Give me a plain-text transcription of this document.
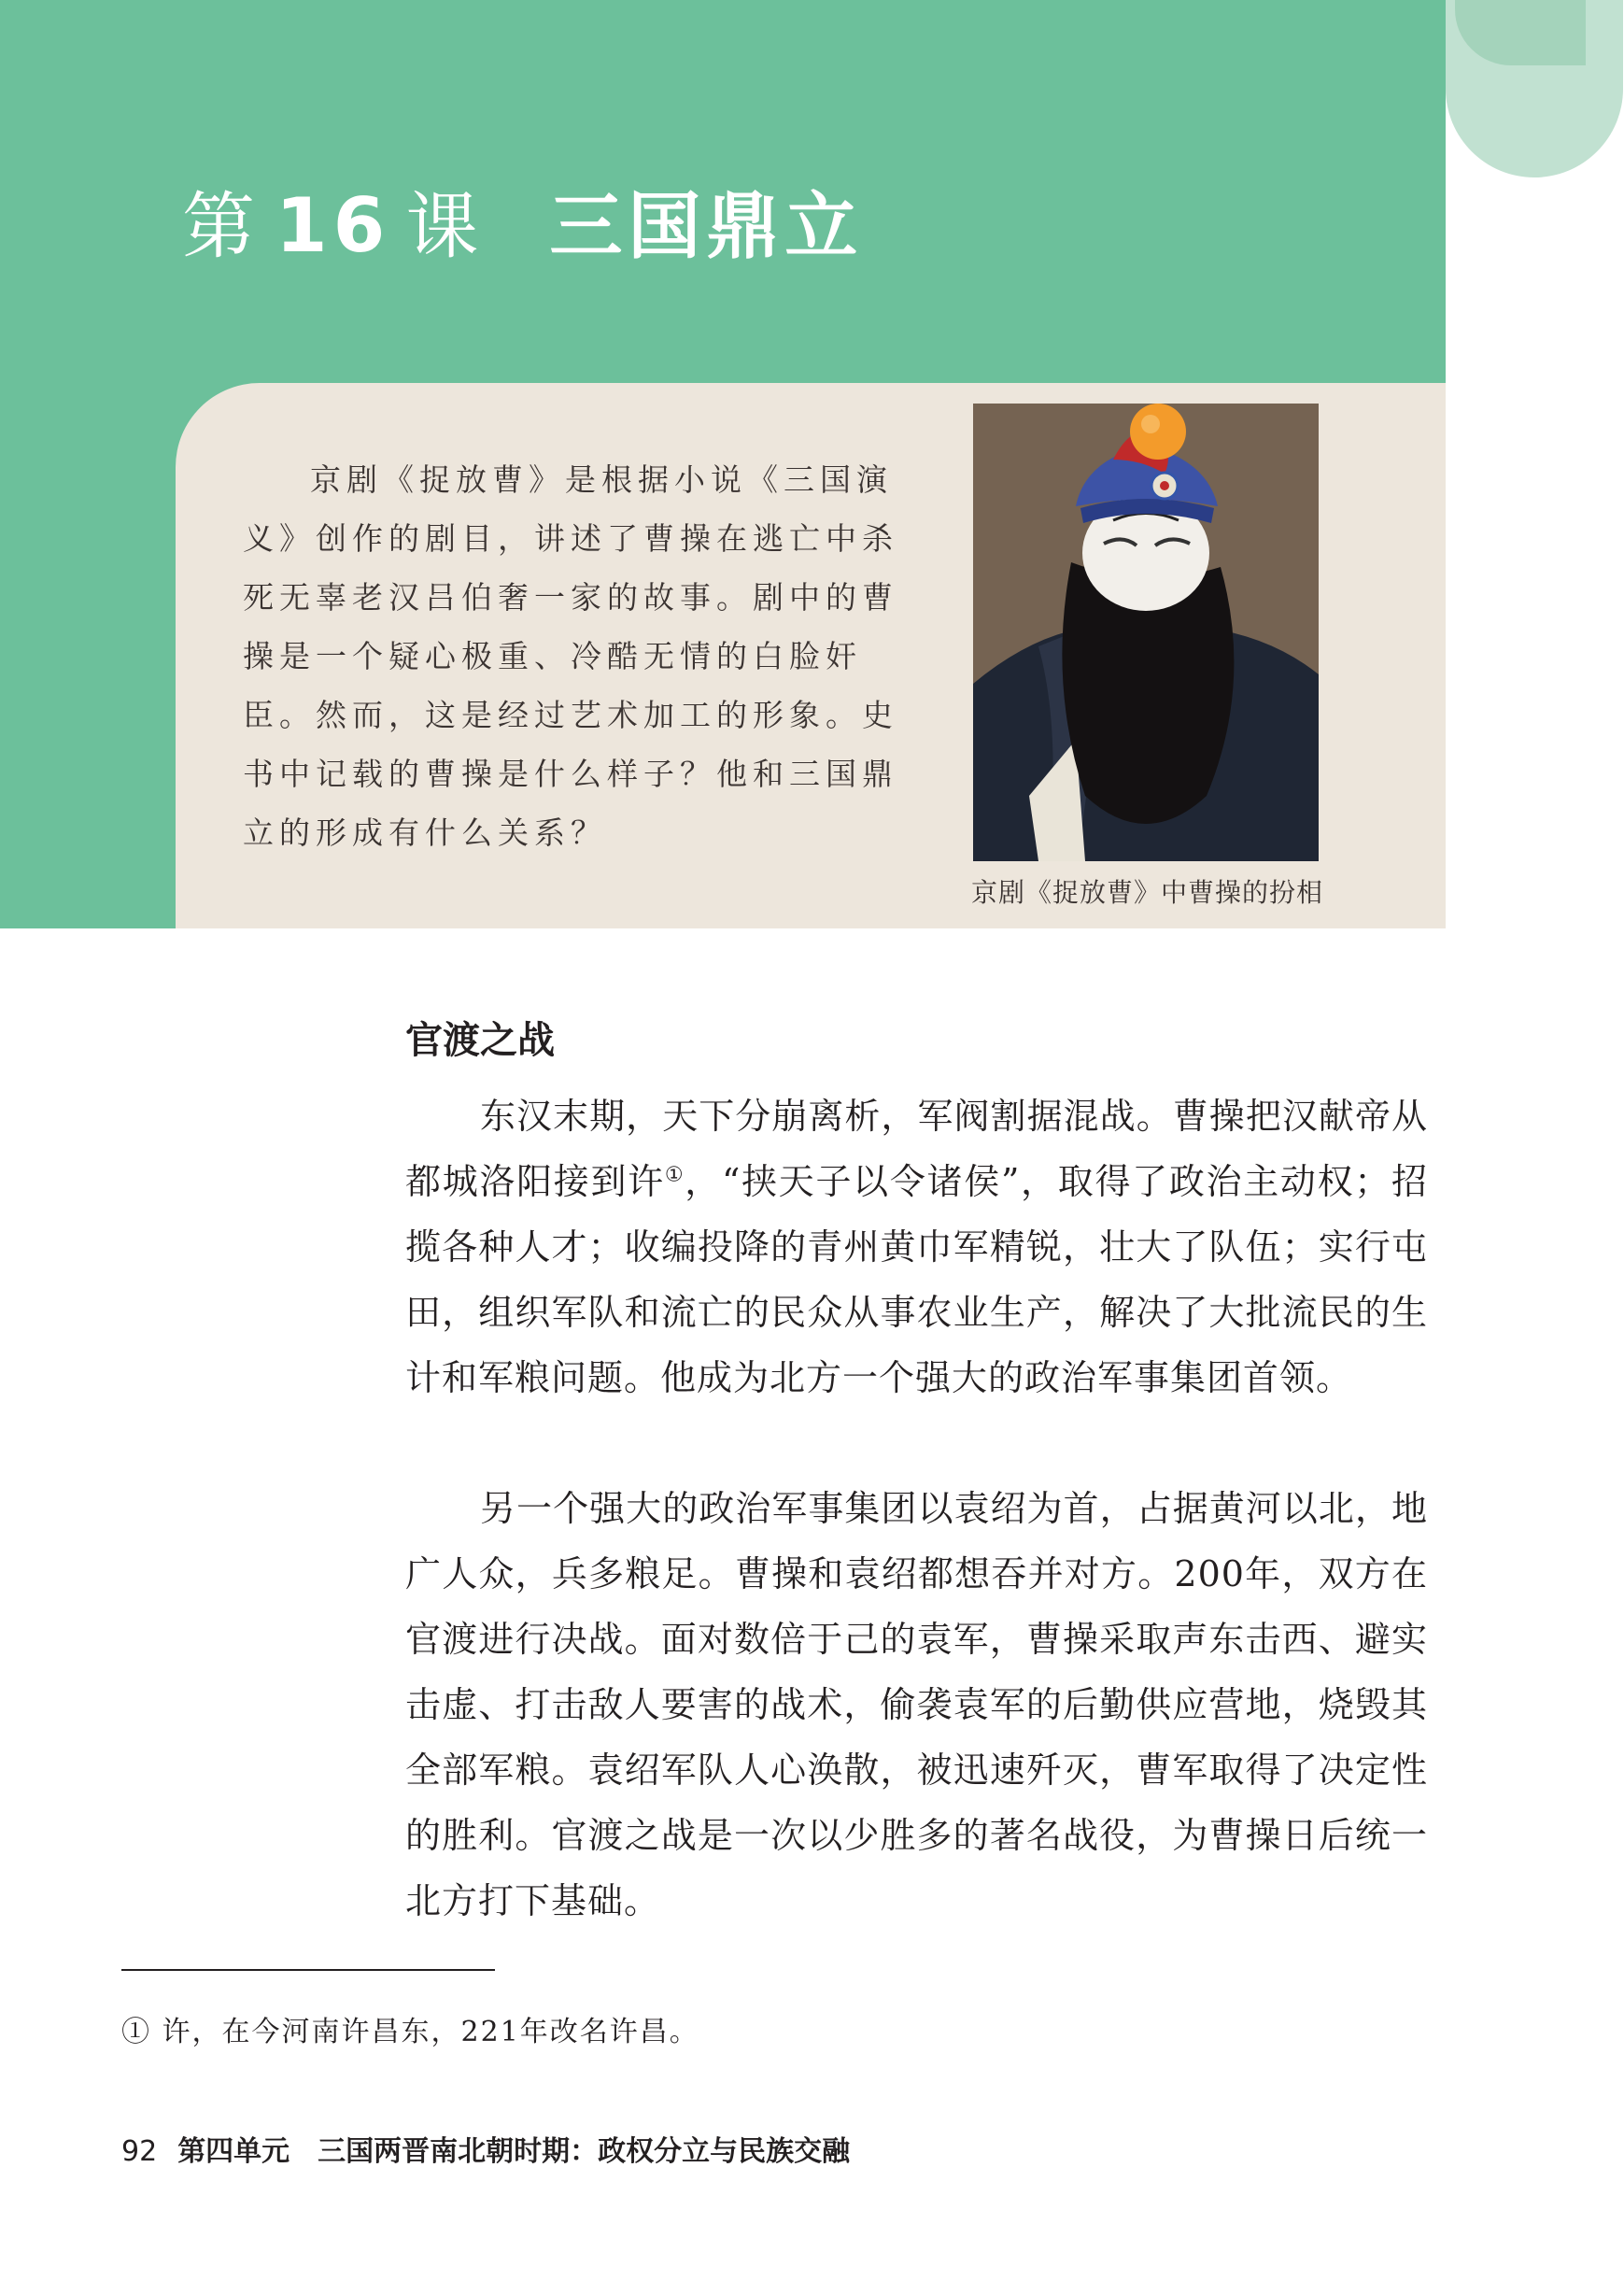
第 16 课 三国鼎立
京剧《捉放曹》是根据小说《三国演义》创作的剧目，讲述了曹操在逃亡中杀死无辜老汉吕伯奢一家的故事。剧中的曹操是一个疑心极重、冷酷无情的白脸奸臣。然而，这是经过艺术加工的形象。史书中记载的曹操是什么样子？他和三国鼎立的形成有什么关系？
京剧《捉放曹》中曹操的扮相
官渡之战

东汉末期，天下分崩离析，军阀割据混战。曹操把汉献帝从都城洛阳接到许①，“挟天子以令诸侯”，取得了政治主动权；招揽各种人才；收编投降的青州黄巾军精锐，壮大了队伍；实行屯田，组织军队和流亡的民众从事农业生产，解决了大批流民的生计和军粮问题。他成为北方一个强大的政治军事集团首领。

另一个强大的政治军事集团以袁绍为首，占据黄河以北，地广人众，兵多粮足。曹操和袁绍都想吞并对方。200年，双方在官渡进行决战。面对数倍于己的袁军，曹操采取声东击西、避实击虚、打击敌人要害的战术，偷袭袁军的后勤供应营地，烧毁其全部军粮。袁绍军队人心涣散，被迅速歼灭，曹军取得了决定性的胜利。官渡之战是一次以少胜多的著名战役，为曹操日后统一北方打下基础。

① 许，在今河南许昌东，221年改名许昌。
92 第四单元　三国两晋南北朝时期：政权分立与民族交融
